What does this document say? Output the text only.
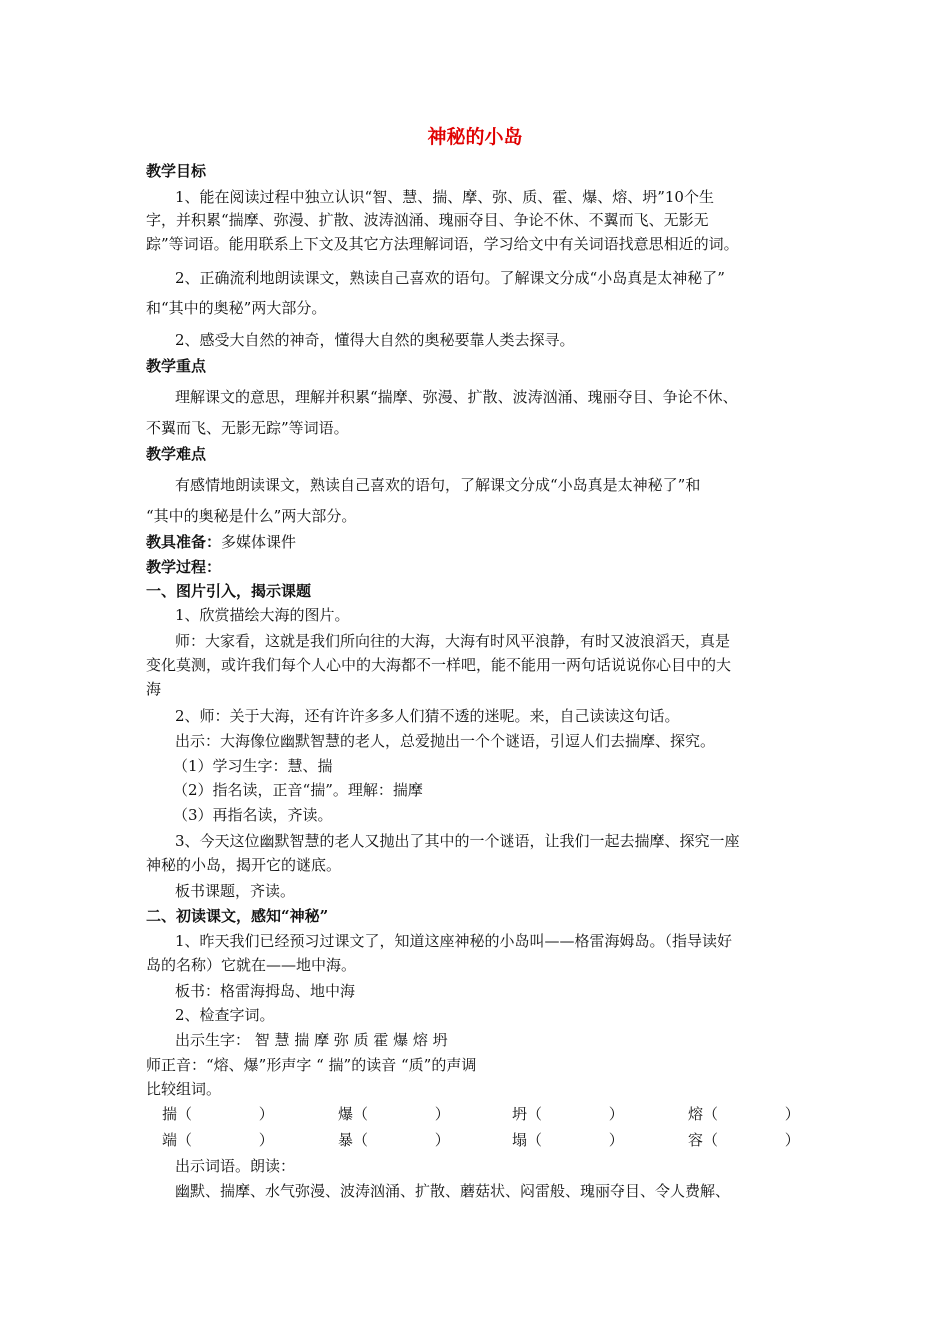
神秘的小岛
教学目标
1、能在阅读过程中独立认识“智、慧、揣、摩、弥、质、霍、爆、熔、坍”10个生
字，并积累“揣摩、弥漫、扩散、波涛汹涌、瑰丽夺目、争论不休、不翼而飞、无影无
踪”等词语。能用联系上下文及其它方法理解词语，学习给文中有关词语找意思相近的词。
2、正确流利地朗读课文，熟读自己喜欢的语句。了解课文分成“小岛真是太神秘了”
和“其中的奥秘”两大部分。
2、感受大自然的神奇，懂得大自然的奥秘要靠人类去探寻。
教学重点
理解课文的意思，理解并积累“揣摩、弥漫、扩散、波涛汹涌、瑰丽夺目、争论不休、
不翼而飞、无影无踪”等词语。
教学难点
有感情地朗读课文，熟读自己喜欢的语句，了解课文分成“小岛真是太神秘了”和
“其中的奥秘是什么”两大部分。
教具准备：多媒体课件
教学过程：
一、图片引入，揭示课题
1、欣赏描绘大海的图片。
师：大家看，这就是我们所向往的大海，大海有时风平浪静，有时又波浪滔天，真是
变化莫测，或许我们每个人心中的大海都不一样吧，能不能用一两句话说说你心目中的大
海
2、师：关于大海，还有许许多多人们猜不透的迷呢。来，自己读读这句话。
出示：大海像位幽默智慧的老人，总爱抛出一个个谜语，引逗人们去揣摩、探究。
（1）学习生字：慧、揣
（2）指名读，正音“揣”。理解：揣摩
（3）再指名读，齐读。
3、今天这位幽默智慧的老人又抛出了其中的一个谜语，让我们一起去揣摩、探究一座
神秘的小岛，揭开它的谜底。
板书课题，齐读。
二、初读课文，感知“神秘”
1、昨天我们已经预习过课文了，知道这座神秘的小岛叫——格雷海姆岛。（指导读好
岛的名称）它就在——地中海。
板书：格雷海拇岛、地中海
2、检查字词。
出示生字： 智 慧 揣 摩 弥 质 霍 爆 熔 坍
师正音：“熔、爆”形声字 “ 揣”的读音 “质”的声调
比较组词。
揣（              ）	爆（              ）	坍（              ）	熔（              ）
端（              ）	暴（              ）	塌（              ）	容（              ）
出示词语。朗读：
幽默、揣摩、水气弥漫、波涛汹涌、扩散、蘑菇状、闷雷般、瑰丽夺目、令人费解、
